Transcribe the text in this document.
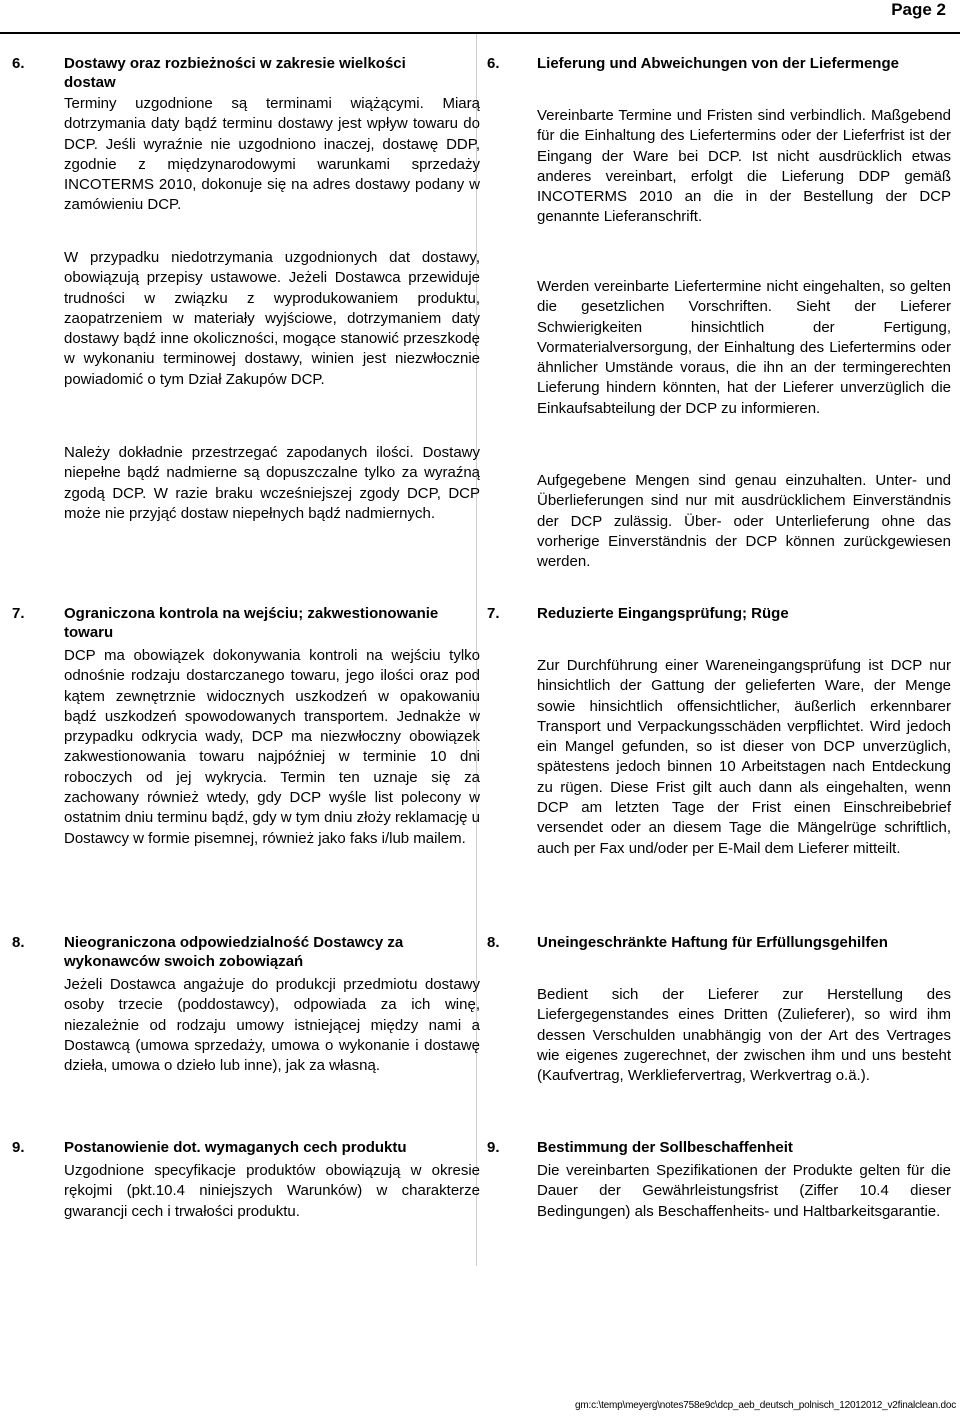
Page 2
6.	Dostawy oraz rozbieżności w zakresie wielkości dostaw

Terminy uzgodnione są terminami wiążącymi. Miarą dotrzymania daty bądź terminu dostawy jest wpływ towaru do DCP. Jeśli wyraźnie nie uzgodniono inaczej, dostawę DDP, zgodnie z międzynarodowymi warunkami sprzedaży INCOTERMS 2010, dokonuje się na adres dostawy podany w zamówieniu DCP.

W przypadku niedotrzymania uzgodnionych dat dostawy, obowiązują przepisy ustawowe. Jeżeli Dostawca przewiduje trudności w związku z wyprodukowaniem produktu, zaopatrzeniem w materiały wyjściowe, dotrzymaniem daty dostawy bądź inne okoliczności, mogące stanowić przeszkodę w wykonaniu terminowej dostawy, winien jest niezwłocznie powiadomić o tym Dział Zakupów DCP.

Należy dokładnie przestrzegać zapodanych ilości. Dostawy niepełne bądź nadmierne są dopuszczalne tylko za wyraźną zgodą DCP. W razie braku wcześniejszej zgody DCP, DCP może nie przyjąć dostaw niepełnych bądź nadmiernych.

7.	Ograniczona kontrola na wejściu; zakwestionowanie towaru

DCP ma obowiązek dokonywania kontroli na wejściu tylko odnośnie rodzaju dostarczanego towaru, jego ilości oraz pod kątem zewnętrznie widocznych uszkodzeń w opakowaniu bądź uszkodzeń spowodowanych transportem. Jednakże w przypadku odkrycia wady, DCP ma niezwłoczny obowiązek zakwestionowania towaru najpóźniej w terminie 10 dni roboczych od jej wykrycia. Termin ten uznaje się za zachowany również wtedy, gdy DCP wyśle list polecony w ostatnim dniu terminu bądź, gdy w tym dniu złoży reklamację u Dostawcy w formie pisemnej, również jako faks i/lub mailem.

8.	Nieograniczona odpowiedzialność Dostawcy za wykonawców swoich zobowiązań

Jeżeli Dostawca angażuje do produkcji przedmiotu dostawy osoby trzecie (poddostawcy), odpowiada za ich winę, niezależnie od rodzaju umowy istniejącej między nami a Dostawcą (umowa sprzedaży, umowa o wykonanie i dostawę dzieła, umowa o dzieło lub inne), jak za własną.

9.	Postanowienie dot. wymaganych cech produktu

Uzgodnione specyfikacje produktów obowiązują w okresie rękojmi (pkt.10.4 niniejszych Warunków) w charakterze gwarancji cech i trwałości produktu.

6. Lieferung und Abweichungen von der Liefermenge

Vereinbarte Termine und Fristen sind verbindlich. Maßgebend für die Einhaltung des Liefertermins oder der Lieferfrist ist der Eingang der Ware bei DCP. Ist nicht ausdrücklich etwas anderes vereinbart, erfolgt die Lieferung DDP gemäß INCOTERMS 2010 an die in der Bestellung der DCP genannte Lieferanschrift.

Werden vereinbarte Liefertermine nicht eingehalten, so gelten die gesetzlichen Vorschriften. Sieht der Lieferer Schwierigkeiten hinsichtlich der Fertigung, Vormaterialversorgung, der Einhaltung des Liefertermins oder ähnlicher Umstände voraus, die ihn an der termingerechten Lieferung hindern könnten, hat der Lieferer unverzüglich die Einkaufsabteilung der DCP zu informieren.

Aufgegebene Mengen sind genau einzuhalten. Unter- und Überlieferungen sind nur mit ausdrücklichem Einverständnis der DCP zulässig. Über- oder Unterlieferung ohne das vorherige Einverständnis der DCP können zurückgewiesen werden.

7. Reduzierte Eingangsprüfung; Rüge

Zur Durchführung einer Wareneingangsprüfung ist DCP nur hinsichtlich der Gattung der gelieferten Ware, der Menge sowie hinsichtlich offensichtlicher, äußerlich erkennbarer Transport und Verpackungsschäden verpflichtet. Wird jedoch ein Mangel gefunden, so ist dieser von DCP unverzüglich, spätestens jedoch binnen 10 Arbeitstagen nach Entdeckung zu rügen. Diese Frist gilt auch dann als eingehalten, wenn DCP am letzten Tage der Frist einen Einschreibebrief versendet oder an diesem Tage die Mängelrüge schriftlich, auch per Fax und/oder per E-Mail dem Lieferer mitteilt.

8. Uneingeschränkte Haftung für Erfüllungsgehilfen

Bedient sich der Lieferer zur Herstellung des Liefergegenstandes eines Dritten (Zulieferer), so wird ihm dessen Verschulden unabhängig von der Art des Vertrages wie eigenes zugerechnet, der zwischen ihm und uns besteht (Kaufvertrag, Werkliefervertrag, Werkvertrag o.ä.).

9. Bestimmung der Sollbeschaffenheit

Die vereinbarten Spezifikationen der Produkte gelten für die Dauer der Gewährleistungsfrist (Ziffer 10.4 dieser Bedingungen) als Beschaffenheits- und Haltbarkeitsgarantie.

gm:c:\temp\meyerg\notes758e9c\dcp_aeb_deutsch_polnisch_12012012_v2finalclean.doc
